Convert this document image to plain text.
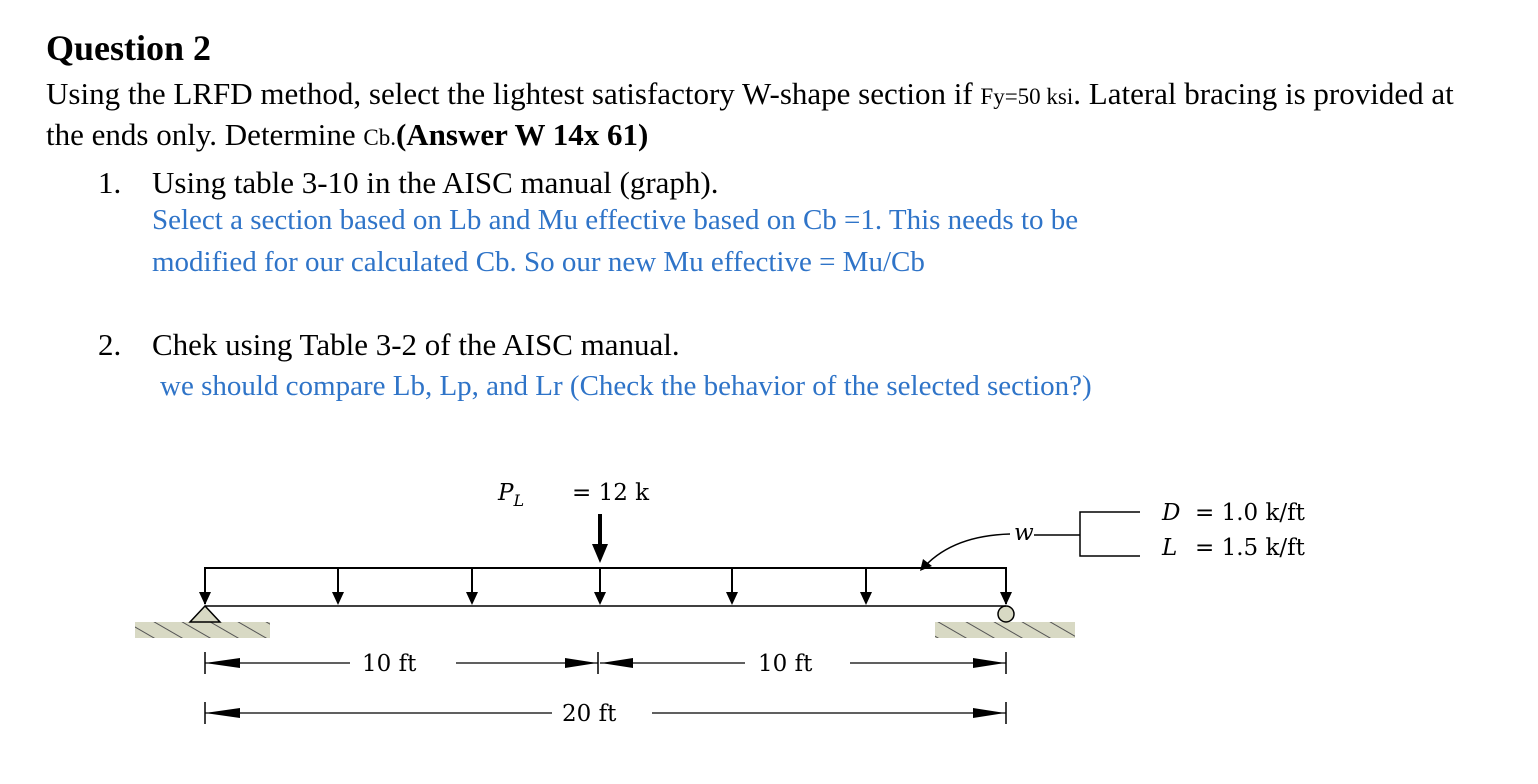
Question 2
Using the LRFD method, select the lightest satisfactory W-shape section if Fy=50 ksi. Lateral bracing is provided at the ends only. Determine Cb.(Answer W 14x 61)
1. Using table 3-10 in the AISC manual (graph).
Select a section based on Lb and Mu effective based on Cb =1. This needs to be
modified for our calculated Cb. So our new Mu effective = Mu/Cb
2. Chek using Table 3-2 of the AISC manual.
we should compare Lb, Lp, and Lr (Check the behavior of the selected section?)
$P_L = 12$ k
w
D = 1.0 k/ft
L = 1.5 k/ft
10 ft	10 ft
20 ft
